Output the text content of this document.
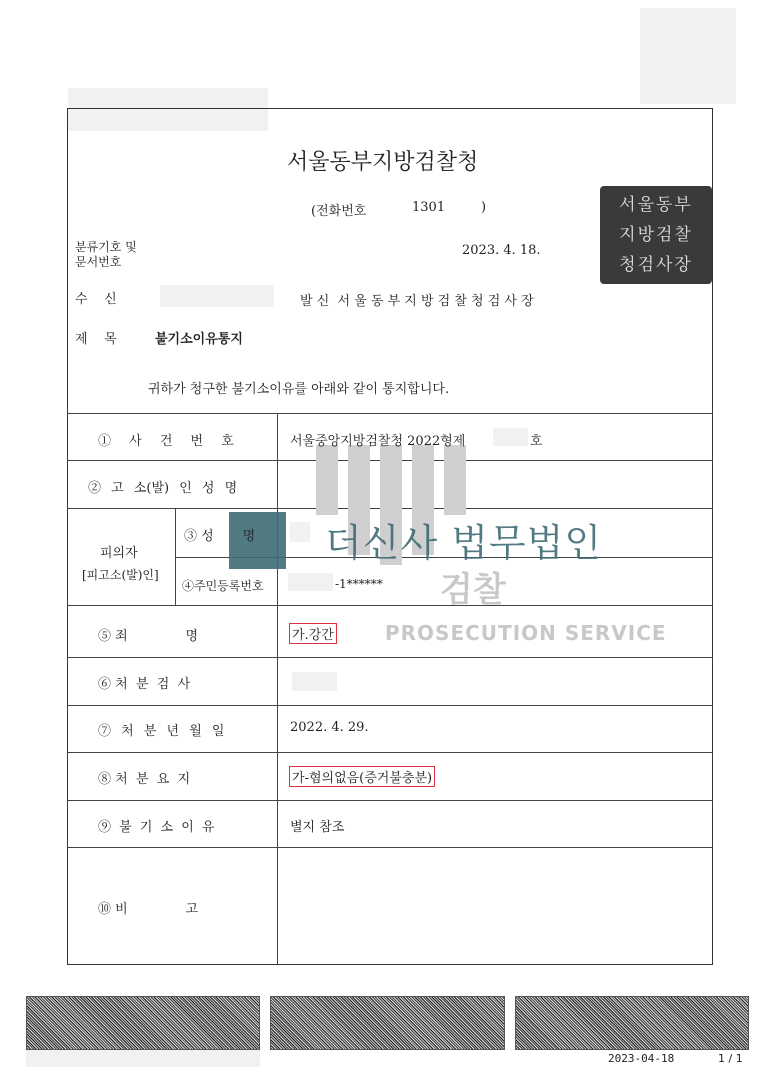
서울동부지방검찰청
(전화번호	1301	)
분류기호 및
문서번호
2023. 4. 18.
수    신	발 신  서 울 동 부 지 방 검 찰 청 검 사 장
서울동부
지방검찰
청검사장
제    목	불기소이유통지
귀하가 청구한 불기소이유를 아래와 같이 통지합니다.
검찰
PROSECUTION SERVICE
더신사 법무법인
① 사 건 번 호	서울중앙지방검찰청 2022형제	호
② 고 소(발) 인 성 명
피의자
[피고소(발)인]
③ 성       명
④주민등록번호	-1******
⑤ 죄              명	가.강간
⑥ 처  분  검  사
⑦ 처 분 년 월 일	2022. 4. 29.
⑧ 처  분  요  지	가-혐의없음(증거불충분)
⑨ 불 기 소 이 유	별지 참조
⑩ 비              고
2023-04-18	1 / 1
